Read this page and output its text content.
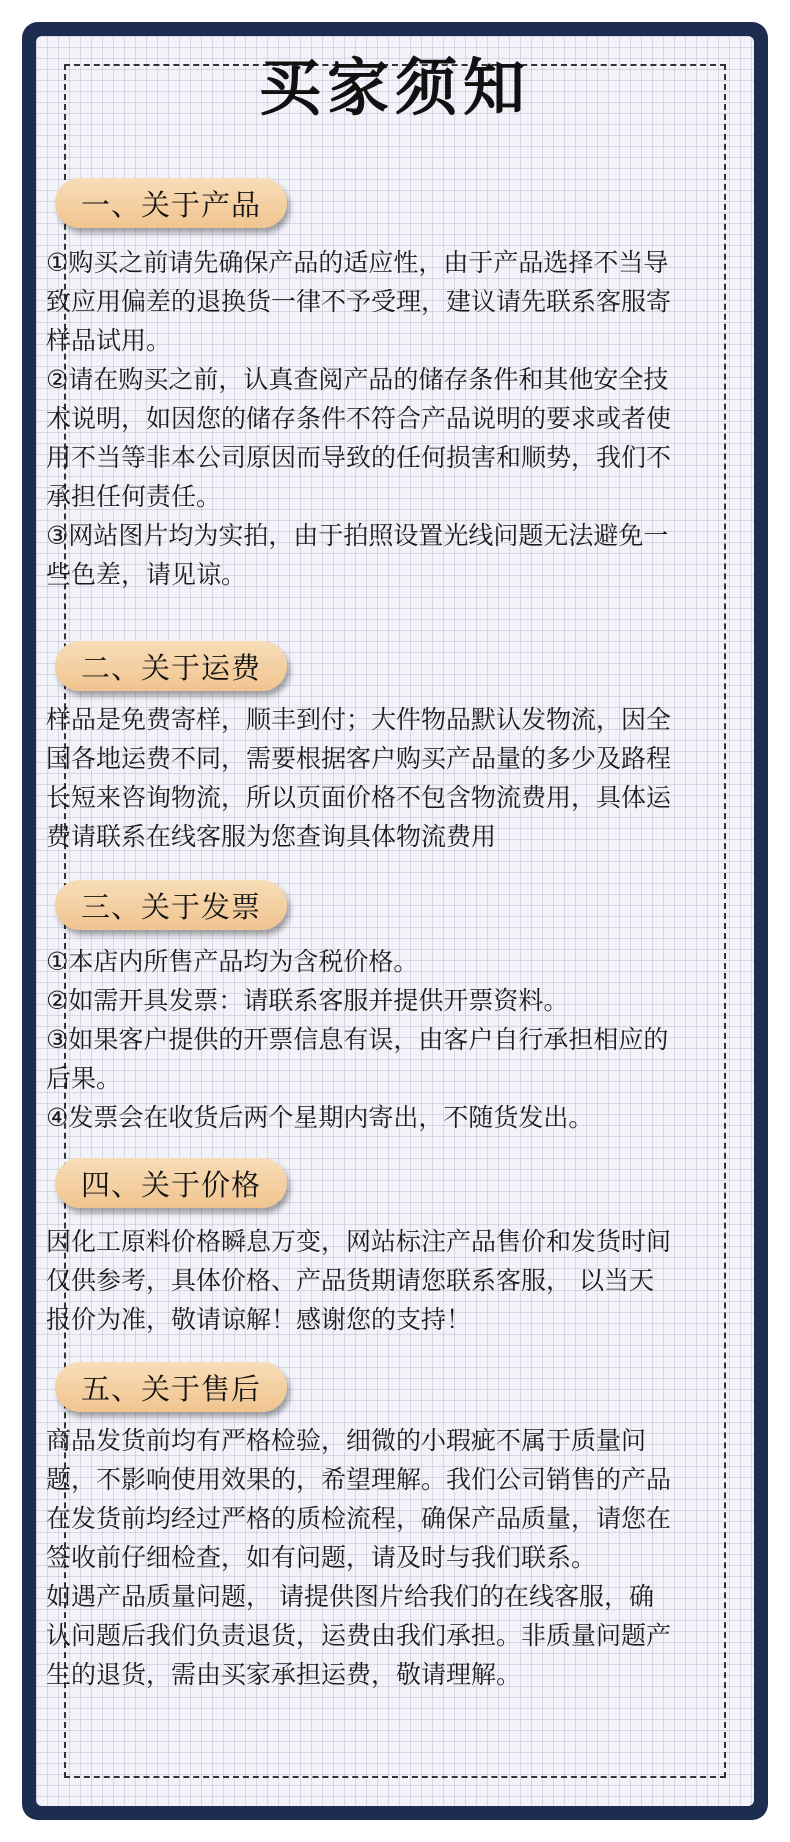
买家须知
一、关于产品

①购买之前请先确保产品的适应性，由于产品选择不当导致应用偏差的退换货一律不予受理，建议请先联系客服寄样品试用。

②请在购买之前，认真查阅产品的储存条件和其他安全技术说明，如因您的储存条件不符合产品说明的要求或者使用不当等非本公司原因而导致的任何损害和顺势，我们不承担任何责任。

③网站图片均为实拍，由于拍照设置光线问题无法避免一些色差，请见谅。

二、关于运费

样品是免费寄样，顺丰到付；大件物品默认发物流，因全国各地运费不同，需要根据客户购买产品量的多少及路程长短来咨询物流，所以页面价格不包含物流费用，具体运费请联系在线客服为您查询具体物流费用

三、关于发票

①本店内所售产品均为含税价格。

②如需开具发票：请联系客服并提供开票资料。

③如果客户提供的开票信息有误，由客户自行承担相应的后果。

④发票会在收货后两个星期内寄出，不随货发出。

四、关于价格

因化工原料价格瞬息万变，网站标注产品售价和发货时间仅供参考，具体价格、产品货期请您联系客服， 以当天报价为准，敬请谅解！感谢您的支持！

五、关于售后

商品发货前均有严格检验，细微的小瑕疵不属于质量问题，不影响使用效果的，希望理解。我们公司销售的产品在发货前均经过严格的质检流程，确保产品质量，请您在签收前仔细检查，如有问题，请及时与我们联系。

如遇产品质量问题， 请提供图片给我们的在线客服，确认问题后我们负责退货，运费由我们承担。非质量问题产生的退货，需由买家承担运费，敬请理解。
